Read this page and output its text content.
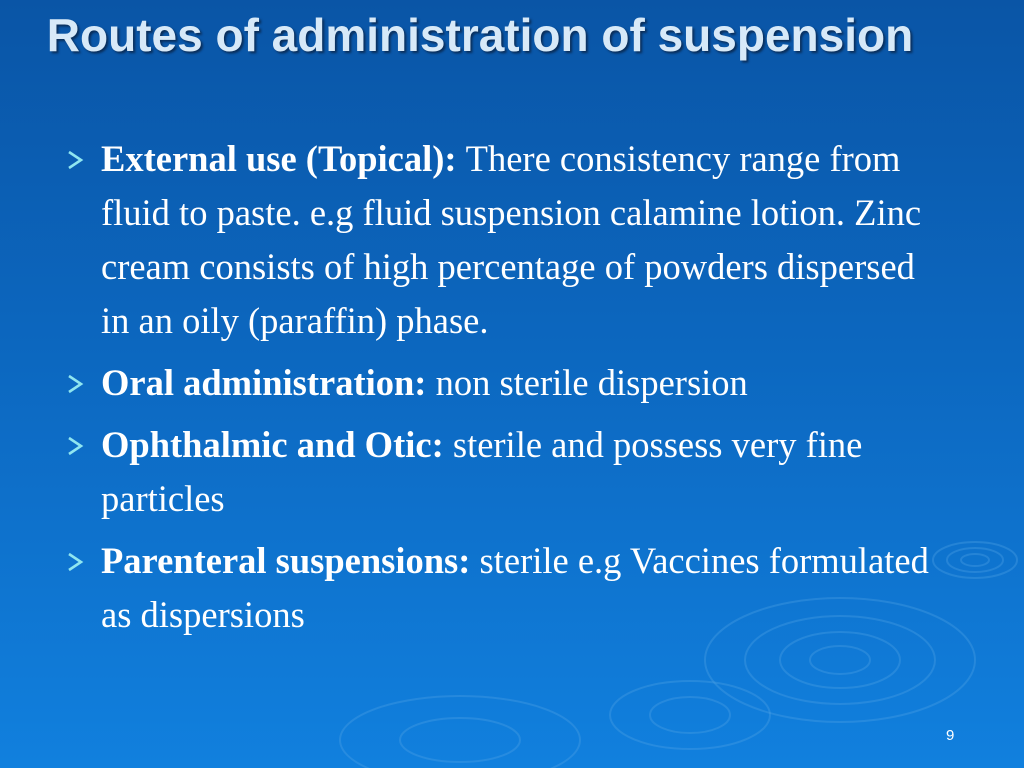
Routes of administration of suspension
External use (Topical): There consistency range from fluid to paste. e.g fluid suspension calamine lotion. Zinc cream consists of high percentage of powders dispersed in an oily (paraffin) phase.
Oral administration: non sterile dispersion
Ophthalmic and Otic: sterile and possess very fine particles
Parenteral suspensions: sterile e.g Vaccines formulated as dispersions
9
